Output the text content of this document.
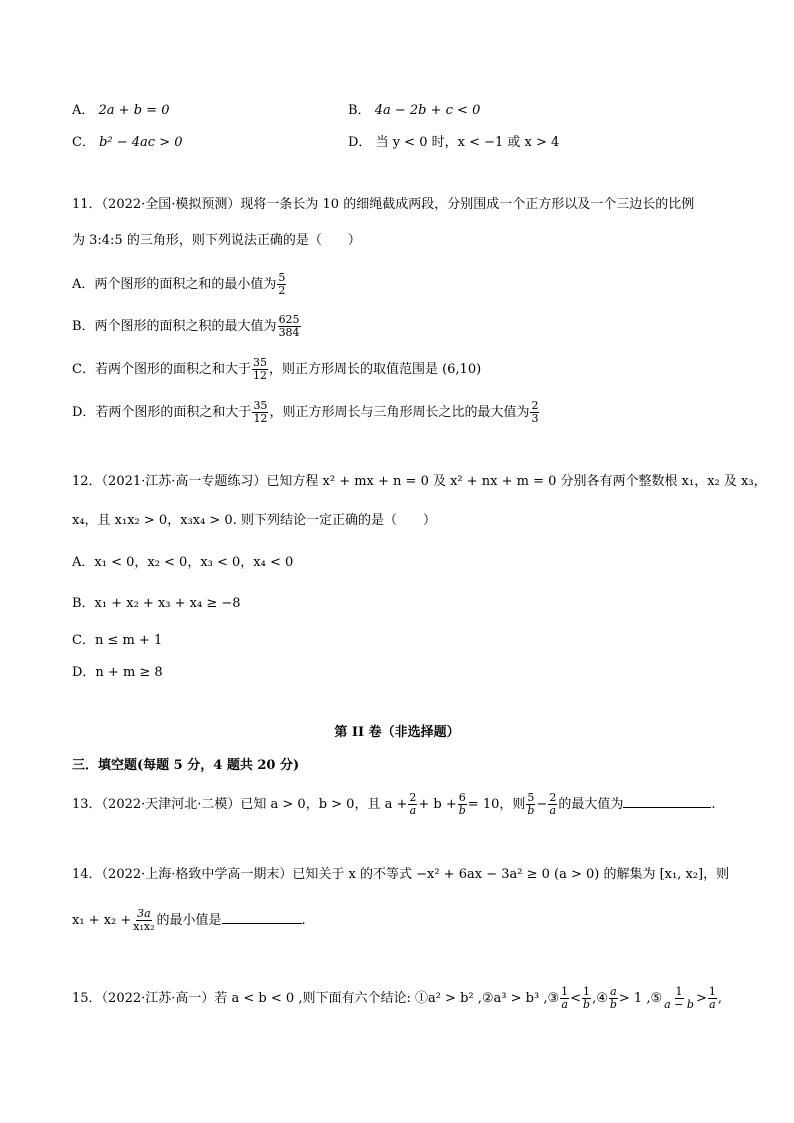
A． 2a + b = 0	B． 4a − 2b + c < 0
C． b² − 4ac > 0	D． 当 y < 0 时，x < −1 或 x > 4
11．（2022·全国·模拟预测）现将一条长为 10 的细绳截成两段，分别围成一个正方形以及一个三边长的比例
为 3:4:5 的三角形，则下列说法正确的是（　　）
A．两个图形的面积之和的最小值为 $\frac{5}{2}$
B．两个图形的面积之积的最大值为 $\frac{625}{384}$
C．若两个图形的面积之和大于 $\frac{35}{12}$ ，则正方形周长的取值范围是 (6,10)
D．若两个图形的面积之和大于 $\frac{35}{12}$ ，则正方形周长与三角形周长之比的最大值为 $\frac{2}{3}$
12．（2021·江苏·高一专题练习）已知方程 x² + mx + n = 0 及 x² + nx + m = 0 分别各有两个整数根 x₁，x₂ 及 x₃，
x₄，且 x₁x₂ > 0，x₃x₄ > 0. 则下列结论一定正确的是（　　）
A．x₁ < 0，x₂ < 0，x₃ < 0，x₄ < 0
B．x₁ + x₂ + x₃ + x₄ ≥ −8
C．n ≤ m + 1
D．n + m ≥ 8
第 II 卷（非选择题）
三．填空题(每题 5 分，4 题共 20 分)
13．（2022·天津河北·二模）已知 a > 0，b > 0，且 $a + \frac{2}{a} + b + \frac{6}{b} = 10$，则 $\frac{5}{b} - \frac{2}{a}$ 的最大值为	.
14．（2022·上海·格致中学高一期末）已知关于 x 的不等式 −x² + 6ax − 3a² ≥ 0 (a > 0) 的解集为 [x₁, x₂]，则
$x_1 + x_2 + \frac{3a}{\text{x₁x₂}}$ 的最小值是	.
15．（2022·江苏·高一）若 a < b < 0 ,则下面有六个结论: ①a² > b² ,②a³ > b³ ,③ $\frac{1}{a} < \frac{1}{b}$ ,④ $\frac{a}{b} > 1$ ,⑤ $\frac{1}{a - b} > \frac{1}{a}$ ,
